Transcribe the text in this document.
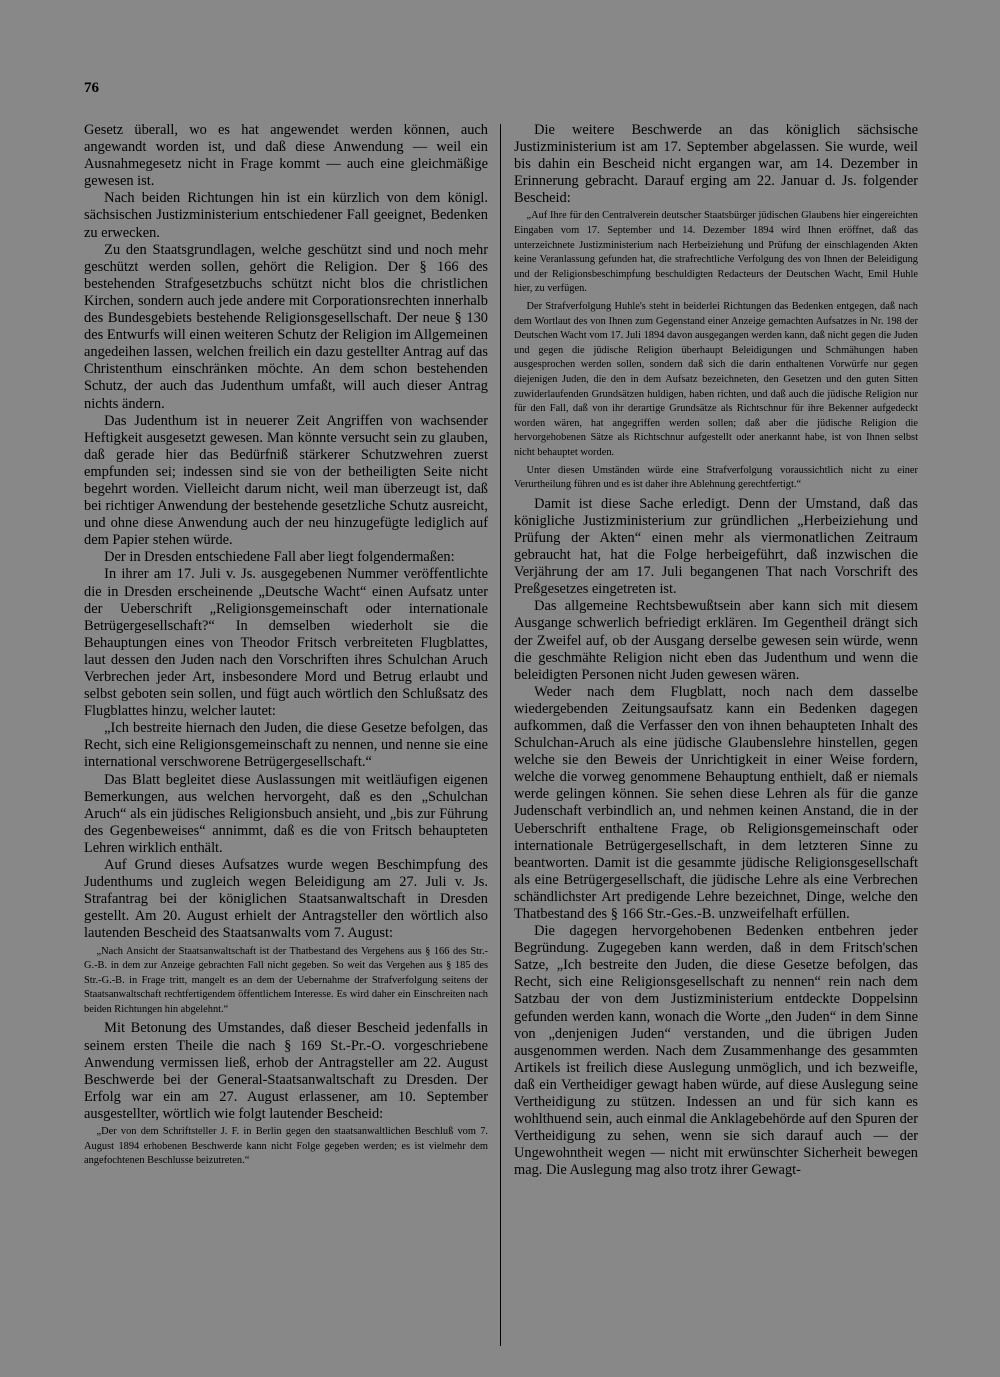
76

Gesetz überall, wo es hat angewendet werden können, auch angewandt worden ist, und daß diese Anwendung — weil ein Ausnahmegesetz nicht in Frage kommt — auch eine gleichmäßige gewesen ist.

Nach beiden Richtungen hin ist ein kürzlich von dem königl. sächsischen Justizministerium entschiedener Fall geeignet, Bedenken zu erwecken.

Zu den Staatsgrundlagen, welche geschützt sind und noch mehr geschützt werden sollen, gehört die Religion. Der § 166 des bestehenden Strafgesetzbuchs schützt nicht blos die christlichen Kirchen, sondern auch jede andere mit Corporationsrechten innerhalb des Bundesgebiets bestehende Religionsgesellschaft. Der neue § 130 des Entwurfs will einen weiteren Schutz der Religion im Allgemeinen angedeihen lassen, welchen freilich ein dazu gestellter Antrag auf das Christenthum einschränken möchte. An dem schon bestehenden Schutz, der auch das Judenthum umfaßt, will auch dieser Antrag nichts ändern.

Das Judenthum ist in neuerer Zeit Angriffen von wachsender Heftigkeit ausgesetzt gewesen. Man könnte versucht sein zu glauben, daß gerade hier das Bedürfniß stärkerer Schutzwehren zuerst empfunden sei; indessen sind sie von der betheiligten Seite nicht begehrt worden. Vielleicht darum nicht, weil man überzeugt ist, daß bei richtiger Anwendung der bestehende gesetzliche Schutz ausreicht, und ohne diese Anwendung auch der neu hinzugefügte lediglich auf dem Papier stehen würde.

Der in Dresden entschiedene Fall aber liegt folgendermaßen:

In ihrer am 17. Juli v. Js. ausgegebenen Nummer veröffentlichte die in Dresden erscheinende „Deutsche Wacht“ einen Aufsatz unter der Ueberschrift „Religionsgemeinschaft oder internationale Betrügergesellschaft?“ In demselben wiederholt sie die Behauptungen eines von Theodor Fritsch verbreiteten Flugblattes, laut dessen den Juden nach den Vorschriften ihres Schulchan Aruch Verbrechen jeder Art, insbesondere Mord und Betrug erlaubt und selbst geboten sein sollen, und fügt auch wörtlich den Schlußsatz des Flugblattes hinzu, welcher lautet:

„Ich bestreite hiernach den Juden, die diese Gesetze befolgen, das Recht, sich eine Religionsgemeinschaft zu nennen, und nenne sie eine international verschworene Betrügergesellschaft.“

Das Blatt begleitet diese Auslassungen mit weitläufigen eigenen Bemerkungen, aus welchen hervorgeht, daß es den „Schulchan Aruch“ als ein jüdisches Religionsbuch ansieht, und „bis zur Führung des Gegenbeweises“ annimmt, daß es die von Fritsch behaupteten Lehren wirklich enthält.

Auf Grund dieses Aufsatzes wurde wegen Beschimpfung des Judenthums und zugleich wegen Beleidigung am 27. Juli v. Js. Strafantrag bei der königlichen Staatsanwaltschaft in Dresden gestellt. Am 20. August erhielt der Antragsteller den wörtlich also lautenden Bescheid des Staatsanwalts vom 7. August:

„Nach Ansicht der Staatsanwaltschaft ist der Thatbestand des Vergehens aus § 166 des Str.-G.-B. in dem zur Anzeige gebrachten Fall nicht gegeben. So weit das Vergehen aus § 185 des Str.-G.-B. in Frage tritt, mangelt es an dem der Uebernahme der Strafverfolgung seitens der Staatsanwaltschaft rechtfertigendem öffentlichem Interesse. Es wird daher ein Einschreiten nach beiden Richtungen hin abgelehnt.“

Mit Betonung des Umstandes, daß dieser Bescheid jedenfalls in seinem ersten Theile die nach § 169 St.-Pr.-O. vorgeschriebene Anwendung vermissen ließ, erhob der Antragsteller am 22. August Beschwerde bei der General-Staatsanwaltschaft zu Dresden. Der Erfolg war ein am 27. August erlassener, am 10. September ausgestellter, wörtlich wie folgt lautender Bescheid:

„Der von dem Schriftsteller J. F. in Berlin gegen den staatsanwaltlichen Beschluß vom 7. August 1894 erhobenen Beschwerde kann nicht Folge gegeben werden; es ist vielmehr dem angefochtenen Beschlusse beizutreten.“

Die weitere Beschwerde an das königlich sächsische Justizministerium ist am 17. September abgelassen. Sie wurde, weil bis dahin ein Bescheid nicht ergangen war, am 14. Dezember in Erinnerung gebracht. Darauf erging am 22. Januar d. Js. folgender Bescheid:

„Auf Ihre für den Centralverein deutscher Staatsbürger jüdischen Glaubens hier eingereichten Eingaben vom 17. September und 14. Dezember 1894 wird Ihnen eröffnet, daß das unterzeichnete Justizministerium nach Herbeiziehung und Prüfung der einschlagenden Akten keine Veranlassung gefunden hat, die strafrechtliche Verfolgung des von Ihnen der Beleidigung und der Religionsbeschimpfung beschuldigten Redacteurs der Deutschen Wacht, Emil Huhle hier, zu verfügen.

Der Strafverfolgung Huhle's steht in beiderlei Richtungen das Bedenken entgegen, daß nach dem Wortlaut des von Ihnen zum Gegenstand einer Anzeige gemachten Aufsatzes in Nr. 198 der Deutschen Wacht vom 17. Juli 1894 davon ausgegangen werden kann, daß nicht gegen die Juden und gegen die jüdische Religion überhaupt Beleidigungen und Schmähungen haben ausgesprochen werden sollen, sondern daß sich die darin enthaltenen Vorwürfe nur gegen diejenigen Juden, die den in dem Aufsatz bezeichneten, den Gesetzen und den guten Sitten zuwiderlaufenden Grundsätzen huldigen, haben richten, und daß auch die jüdische Religion nur für den Fall, daß von ihr derartige Grundsätze als Richtschnur für ihre Bekenner aufgedeckt worden wären, hat angegriffen werden sollen; daß aber die jüdische Religion die hervorgehobenen Sätze als Richtschnur aufgestellt oder anerkannt habe, ist von Ihnen selbst nicht behauptet worden.

Unter diesen Umständen würde eine Strafverfolgung voraussichtlich nicht zu einer Verurtheilung führen und es ist daher ihre Ablehnung gerechtfertigt.“

Damit ist diese Sache erledigt. Denn der Umstand, daß das königliche Justizministerium zur gründlichen „Herbeiziehung und Prüfung der Akten“ einen mehr als viermonatlichen Zeitraum gebraucht hat, hat die Folge herbeigeführt, daß inzwischen die Verjährung der am 17. Juli begangenen That nach Vorschrift des Preßgesetzes eingetreten ist.

Das allgemeine Rechtsbewußtsein aber kann sich mit diesem Ausgange schwerlich befriedigt erklären. Im Gegentheil drängt sich der Zweifel auf, ob der Ausgang derselbe gewesen sein würde, wenn die geschmähte Religion nicht eben das Judenthum und wenn die beleidigten Personen nicht Juden gewesen wären.

Weder nach dem Flugblatt, noch nach dem dasselbe wiedergebenden Zeitungsaufsatz kann ein Bedenken dagegen aufkommen, daß die Verfasser den von ihnen behaupteten Inhalt des Schulchan-Aruch als eine jüdische Glaubenslehre hinstellen, gegen welche sie den Beweis der Unrichtigkeit in einer Weise fordern, welche die vorweg genommene Behauptung enthielt, daß er niemals werde gelingen können. Sie sehen diese Lehren als für die ganze Judenschaft verbindlich an, und nehmen keinen Anstand, die in der Ueberschrift enthaltene Frage, ob Religionsgemeinschaft oder internationale Betrügergesellschaft, in dem letzteren Sinne zu beantworten. Damit ist die gesammte jüdische Religionsgesellschaft als eine Betrügergesellschaft, die jüdische Lehre als eine Verbrechen schändlichster Art predigende Lehre bezeichnet, Dinge, welche den Thatbestand des § 166 Str.-Ges.-B. unzweifelhaft erfüllen.

Die dagegen hervorgehobenen Bedenken entbehren jeder Begründung. Zugegeben kann werden, daß in dem Fritsch'schen Satze, „Ich bestreite den Juden, die diese Gesetze befolgen, das Recht, sich eine Religionsgesellschaft zu nennen“ rein nach dem Satzbau der von dem Justizministerium entdeckte Doppelsinn gefunden werden kann, wonach die Worte „den Juden“ in dem Sinne von „denjenigen Juden“ verstanden, und die übrigen Juden ausgenommen werden. Nach dem Zusammenhange des gesammten Artikels ist freilich diese Auslegung unmöglich, und ich bezweifle, daß ein Vertheidiger gewagt haben würde, auf diese Auslegung seine Vertheidigung zu stützen. Indessen an und für sich kann es wohlthuend sein, auch einmal die Anklagebehörde auf den Spuren der Vertheidigung zu sehen, wenn sie sich darauf auch — der Ungewohntheit wegen — nicht mit erwünschter Sicherheit bewegen mag. Die Auslegung mag also trotz ihrer Gewagt-
